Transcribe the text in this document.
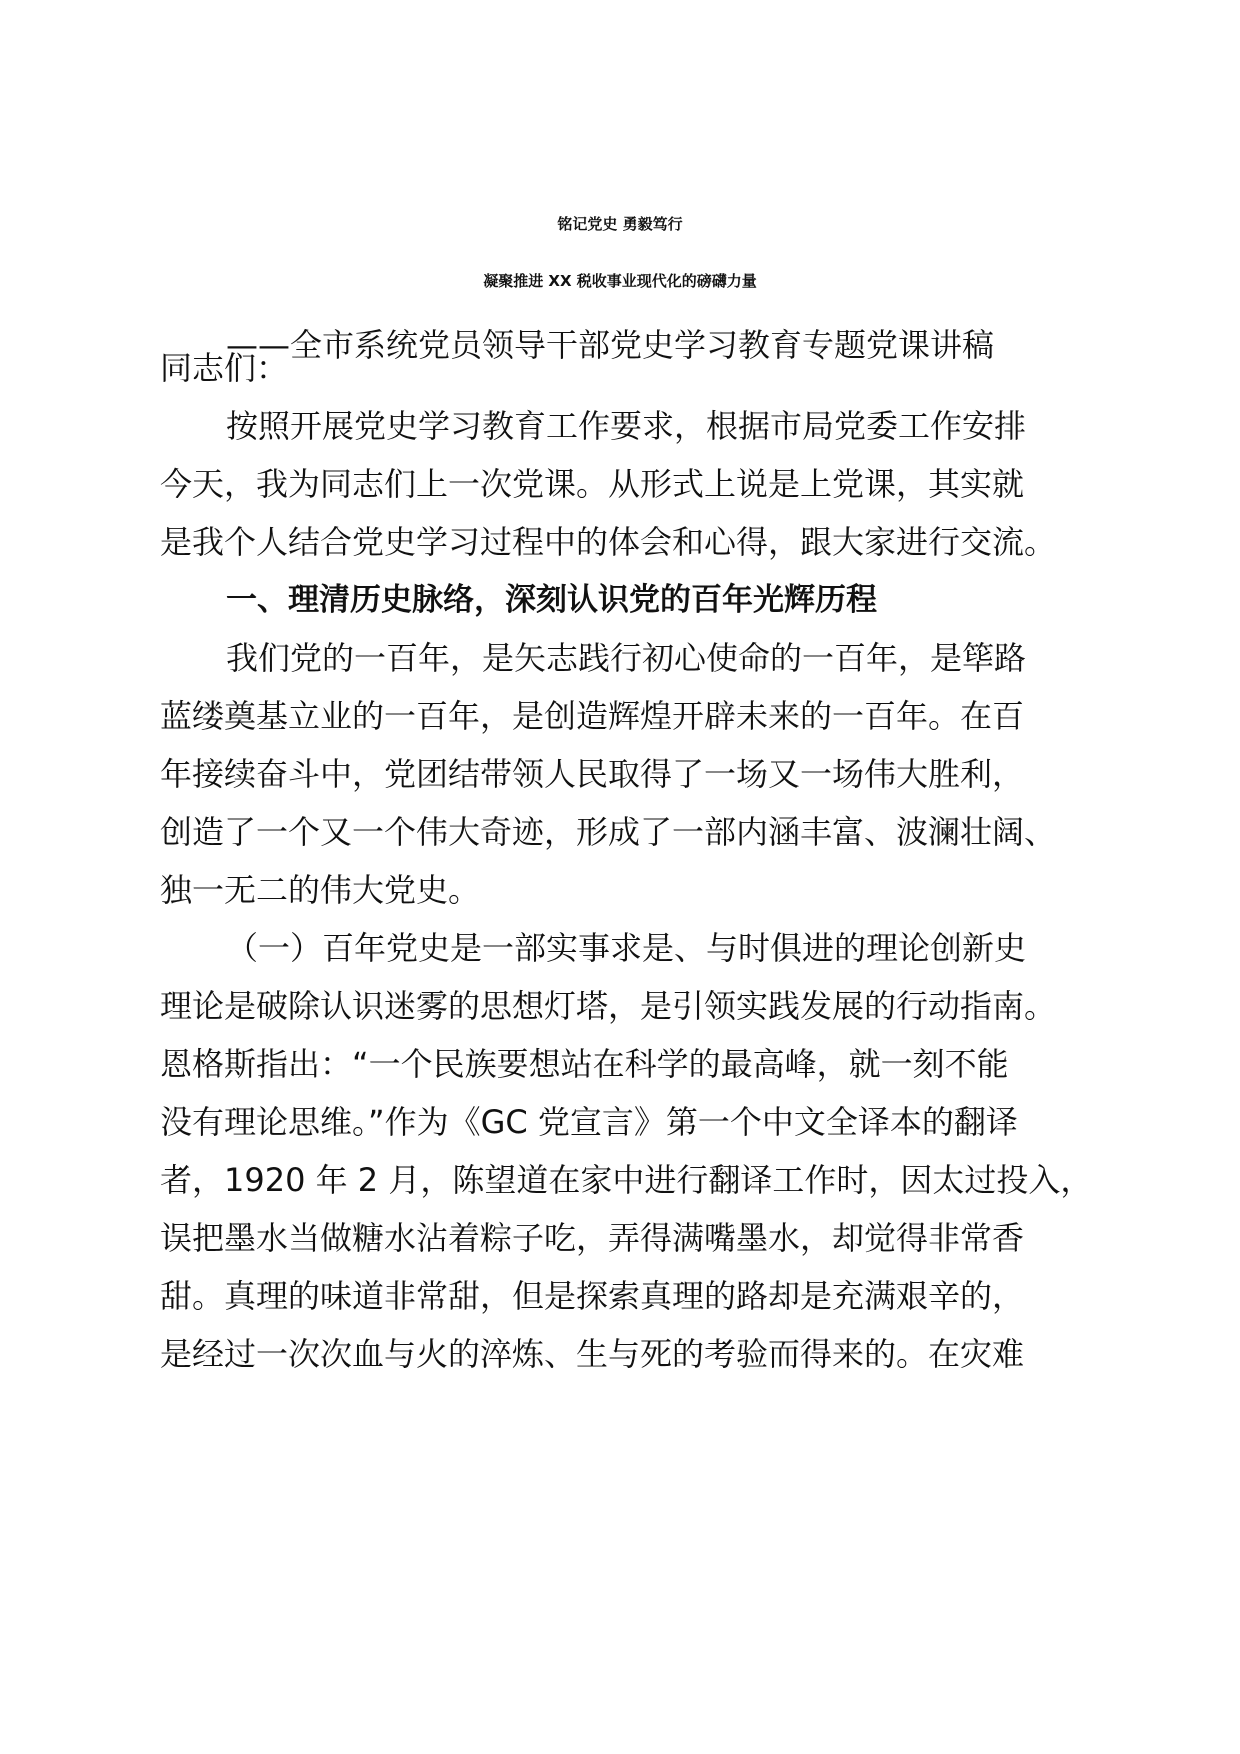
铭记党史 勇毅笃行
凝聚推进 XX 税收事业现代化的磅礴力量
——全市系统党员领导干部党史学习教育专题党课讲稿
同志们：
按照开展党史学习教育工作要求，根据市局党委工作安排
今天，我为同志们上一次党课。从形式上说是上党课，其实就
是我个人结合党史学习过程中的体会和心得，跟大家进行交流。
一、理清历史脉络，深刻认识党的百年光辉历程
我们党的一百年，是矢志践行初心使命的一百年，是筚路
蓝缕奠基立业的一百年，是创造辉煌开辟未来的一百年。在百
年接续奋斗中，党团结带领人民取得了一场又一场伟大胜利，
创造了一个又一个伟大奇迹，形成了一部内涵丰富、波澜壮阔、
独一无二的伟大党史。
（一）百年党史是一部实事求是、与时俱进的理论创新史
理论是破除认识迷雾的思想灯塔，是引领实践发展的行动指南。
恩格斯指出：“一个民族要想站在科学的最高峰，就一刻不能
没有理论思维。”作为《GC 党宣言》第一个中文全译本的翻译
者，1920 年 2 月，陈望道在家中进行翻译工作时，因太过投入，
误把墨水当做糖水沾着粽子吃，弄得满嘴墨水，却觉得非常香
甜。真理的味道非常甜，但是探索真理的路却是充满艰辛的，
是经过一次次血与火的淬炼、生与死的考验而得来的。在灾难
